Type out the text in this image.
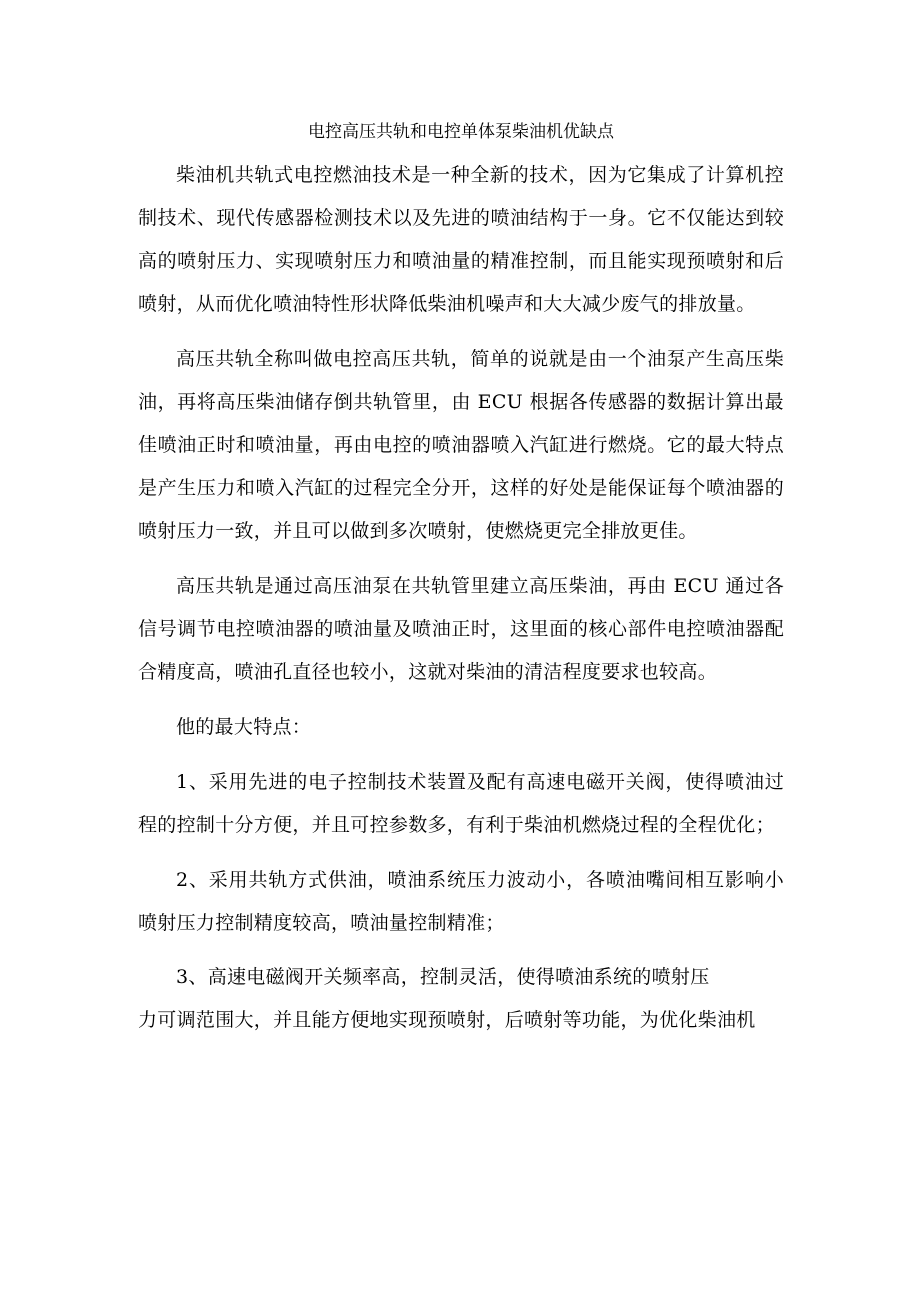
电控高压共轨和电控单体泵柴油机优缺点

柴油机共轨式电控燃油技术是一种全新的技术，因为它集成了计算机控制技术、现代传感器检测技术以及先进的喷油结构于一身。它不仅能达到较高的喷射压力、实现喷射压力和喷油量的精准控制，而且能实现预喷射和后喷射，从而优化喷油特性形状降低柴油机噪声和大大减少废气的排放量。

高压共轨全称叫做电控高压共轨，简单的说就是由一个油泵产生高压柴油，再将高压柴油储存倒共轨管里，由 ECU 根据各传感器的数据计算出最佳喷油正时和喷油量，再由电控的喷油器喷入汽缸进行燃烧。它的最大特点是产生压力和喷入汽缸的过程完全分开，这样的好处是能保证每个喷油器的喷射压力一致，并且可以做到多次喷射，使燃烧更完全排放更佳。

高压共轨是通过高压油泵在共轨管里建立高压柴油，再由 ECU 通过各信号调节电控喷油器的喷油量及喷油正时，这里面的核心部件电控喷油器配合精度高，喷油孔直径也较小，这就对柴油的清洁程度要求也较高。

他的最大特点：

1、采用先进的电子控制技术装置及配有高速电磁开关阀，使得喷油过程的控制十分方便，并且可控参数多，有利于柴油机燃烧过程的全程优化；

2、采用共轨方式供油，喷油系统压力波动小，各喷油嘴间相互影响小喷射压力控制精度较高，喷油量控制精准；

3、高速电磁阀开关频率高，控制灵活，使得喷油系统的喷射压
力可调范围大，并且能方便地实现预喷射，后喷射等功能，为优化柴油机
